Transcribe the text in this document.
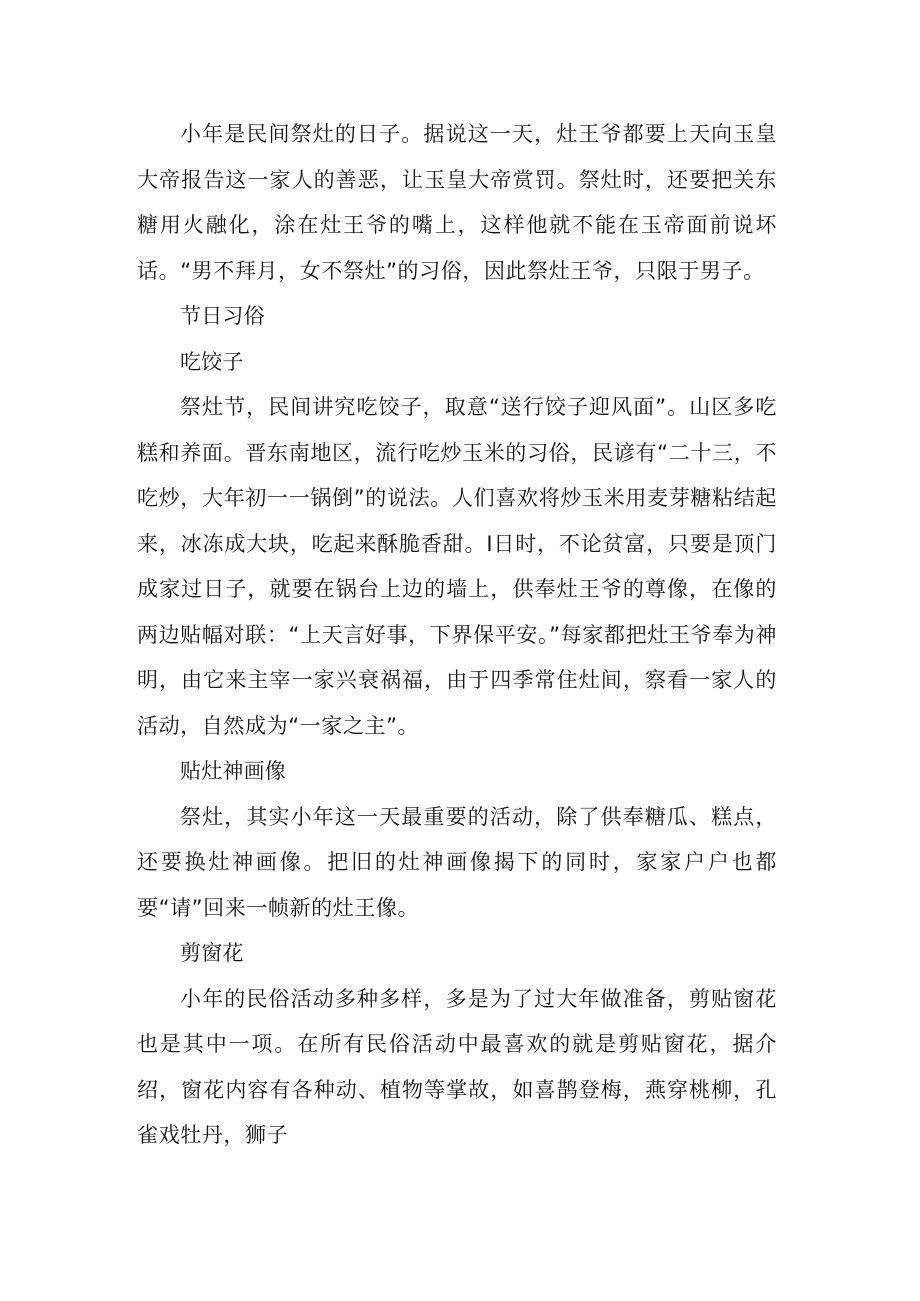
小年是民间祭灶的日子。据说这一天，灶王爷都要上天向玉皇大帝报告这一家人的善恶，让玉皇大帝赏罚。祭灶时，还要把关东糖用火融化，涂在灶王爷的嘴上，这样他就不能在玉帝面前说坏话。“男不拜月，女不祭灶”的习俗，因此祭灶王爷，只限于男子。

节日习俗

吃饺子

祭灶节，民间讲究吃饺子，取意“送行饺子迎风面”。山区多吃糕和养面。晋东南地区，流行吃炒玉米的习俗，民谚有“二十三，不吃炒，大年初一一锅倒”的说法。人们喜欢将炒玉米用麦芽糖粘结起来，冰冻成大块，吃起来酥脆香甜。I日时，不论贫富，只要是顶门成家过日子，就要在锅台上边的墙上，供奉灶王爷的尊像，在像的两边贴幅对联：“上天言好事，下界保平安。”每家都把灶王爷奉为神明，由它来主宰一家兴衰祸福，由于四季常住灶间，察看一家人的活动，自然成为“一家之主”。

贴灶神画像

祭灶，其实小年这一天最重要的活动，除了供奉糖瓜、糕点，还要换灶神画像。把旧的灶神画像揭下的同时，家家户户也都要“请”回来一帧新的灶王像。

剪窗花

小年的民俗活动多种多样，多是为了过大年做准备，剪贴窗花也是其中一项。在所有民俗活动中最喜欢的就是剪贴窗花，据介绍，窗花内容有各种动、植物等掌故，如喜鹊登梅，燕穿桃柳，孔雀戏牡丹，狮子
